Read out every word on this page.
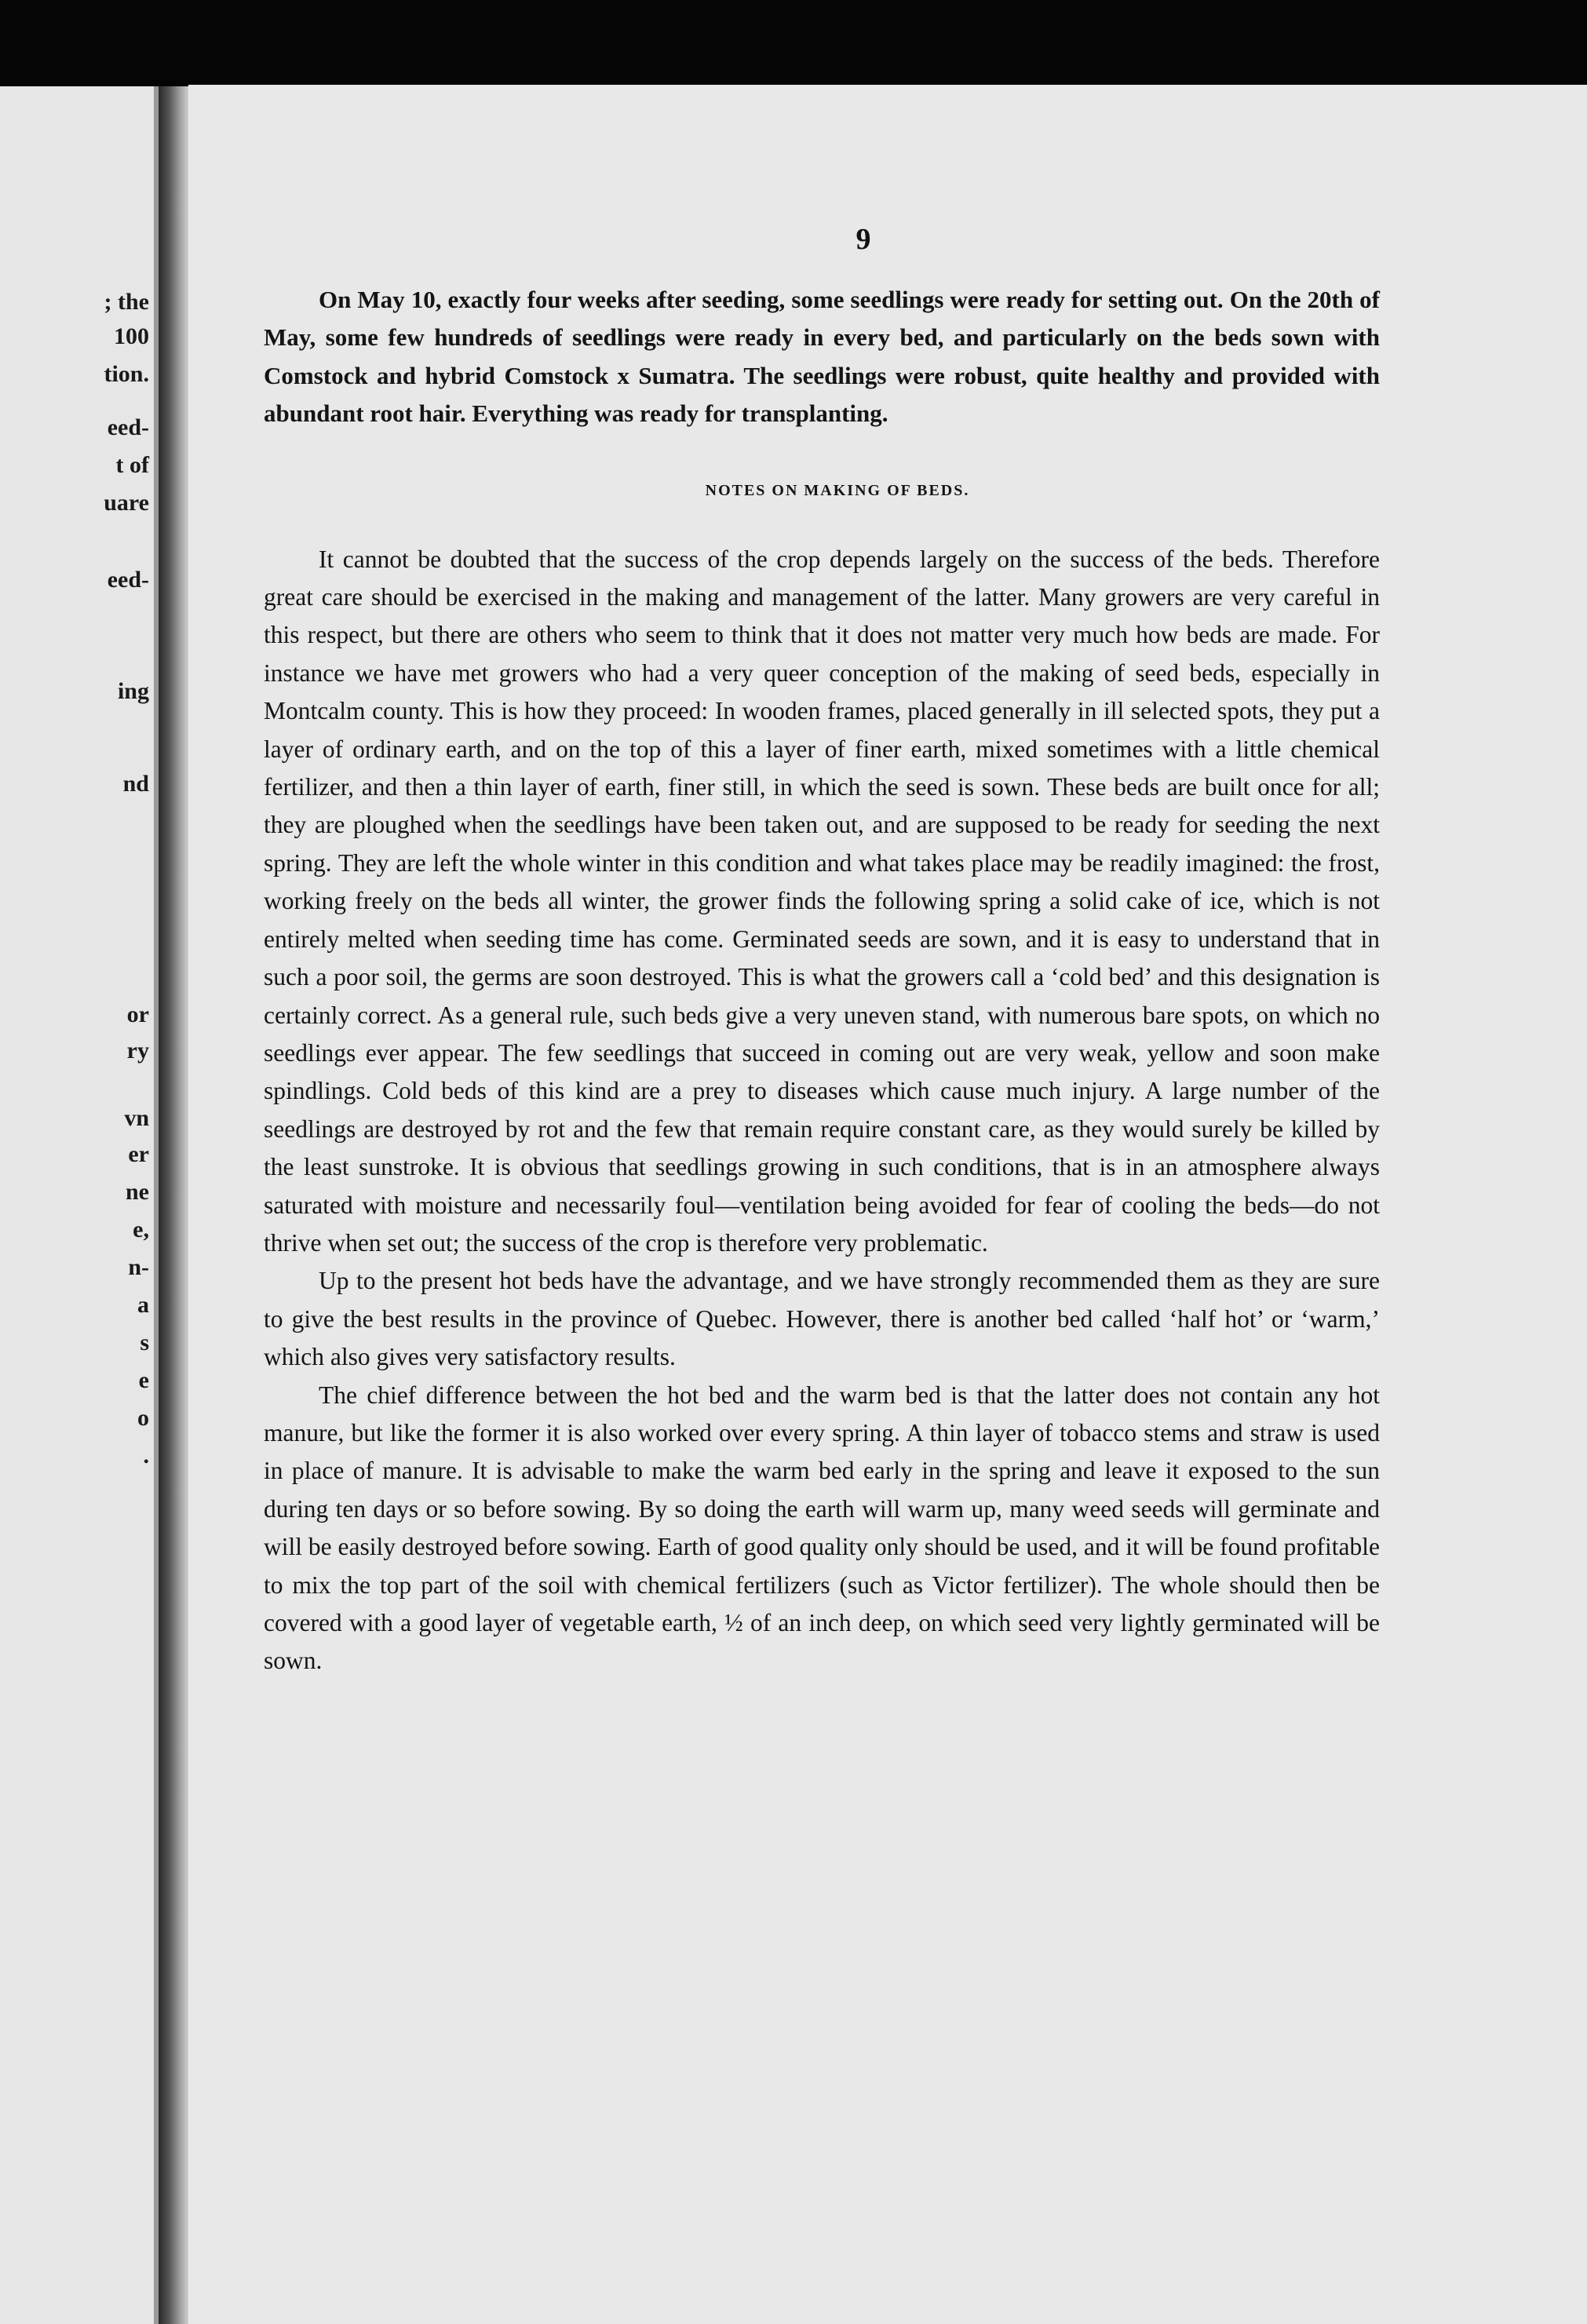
; the
100
tion.
eed-
t of
uare
eed-
ing
nd
or
ry
vn
er
ne
e,
n-
a
s
e
o
.
9

On May 10, exactly four weeks after seeding, some seedlings were ready for setting out. On the 20th of May, some few hundreds of seedlings were ready in every bed, and particularly on the beds sown with Comstock and hybrid Comstock x Sumatra. The seedlings were robust, quite healthy and provided with abundant root hair. Everything was ready for transplanting.

NOTES ON MAKING OF BEDS.

It cannot be doubted that the success of the crop depends largely on the success of the beds. Therefore great care should be exercised in the making and management of the latter. Many growers are very careful in this respect, but there are others who seem to think that it does not matter very much how beds are made. For instance we have met growers who had a very queer conception of the making of seed beds, especially in Montcalm county. This is how they proceed: In wooden frames, placed generally in ill selected spots, they put a layer of ordinary earth, and on the top of this a layer of finer earth, mixed sometimes with a little chemical fertilizer, and then a thin layer of earth, finer still, in which the seed is sown. These beds are built once for all; they are ploughed when the seedlings have been taken out, and are supposed to be ready for seeding the next spring. They are left the whole winter in this condition and what takes place may be readily imagined: the frost, working freely on the beds all winter, the grower finds the following spring a solid cake of ice, which is not entirely melted when seeding time has come. Germinated seeds are sown, and it is easy to understand that in such a poor soil, the germs are soon destroyed. This is what the growers call a ‘cold bed’ and this designation is certainly correct. As a general rule, such beds give a very uneven stand, with numerous bare spots, on which no seedlings ever appear. The few seedlings that succeed in coming out are very weak, yellow and soon make spindlings. Cold beds of this kind are a prey to diseases which cause much injury. A large number of the seedlings are destroyed by rot and the few that remain require constant care, as they would surely be killed by the least sunstroke. It is obvious that seedlings growing in such conditions, that is in an atmosphere always saturated with moisture and necessarily foul—ventilation being avoided for fear of cooling the beds—do not thrive when set out; the success of the crop is therefore very problematic.

Up to the present hot beds have the advantage, and we have strongly recommended them as they are sure to give the best results in the province of Quebec. However, there is another bed called ‘half hot’ or ‘warm,’ which also gives very satisfactory results.

The chief difference between the hot bed and the warm bed is that the latter does not contain any hot manure, but like the former it is also worked over every spring. A thin layer of tobacco stems and straw is used in place of manure. It is advisable to make the warm bed early in the spring and leave it exposed to the sun during ten days or so before sowing. By so doing the earth will warm up, many weed seeds will germinate and will be easily destroyed before sowing. Earth of good quality only should be used, and it will be found profitable to mix the top part of the soil with chemical fertilizers (such as Victor fertilizer). The whole should then be covered with a good layer of vegetable earth, ½ of an inch deep, on which seed very lightly germinated will be sown.
